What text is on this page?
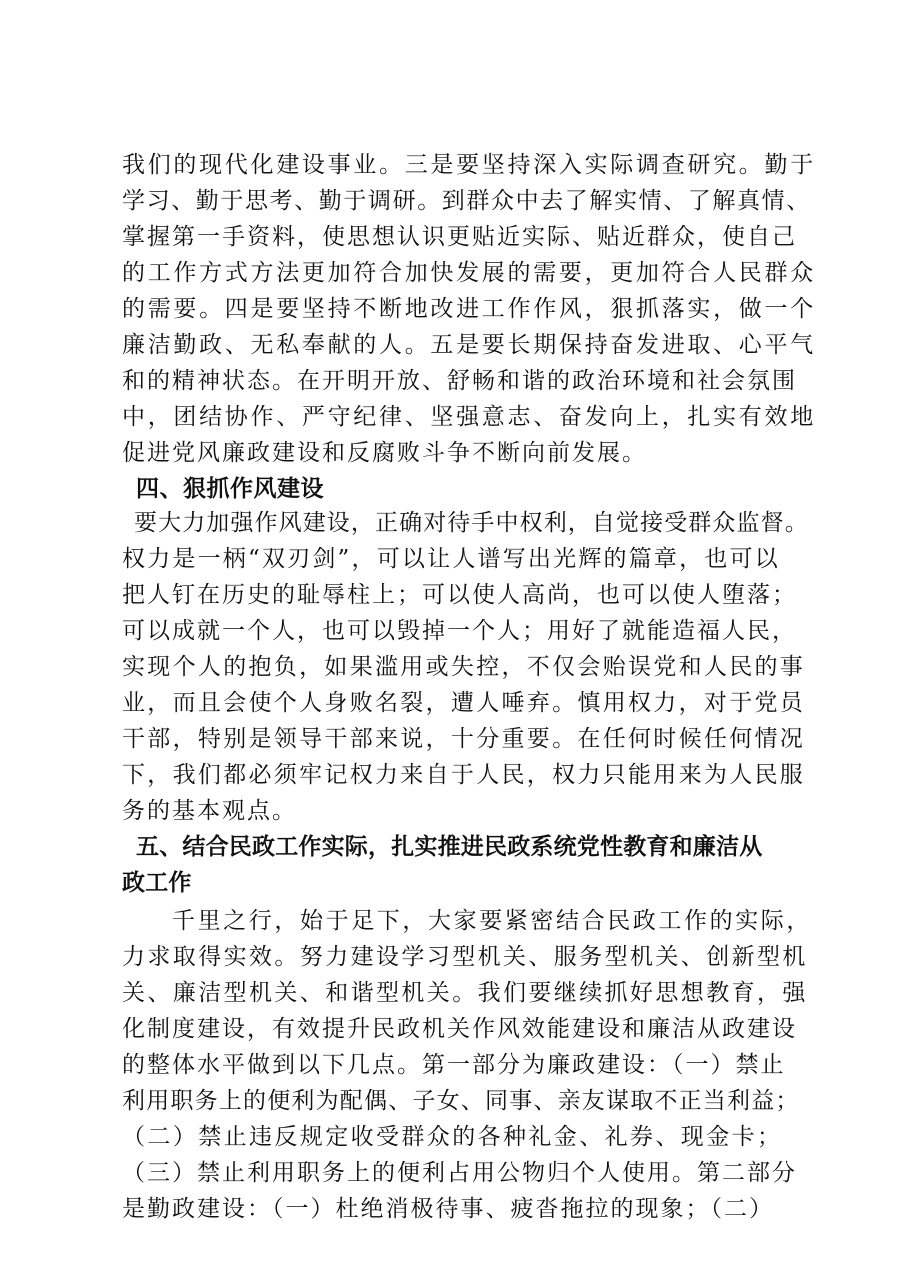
我们的现代化建设事业。三是要坚持深入实际调查研究。勤于
学习、勤于思考、勤于调研。到群众中去了解实情、了解真情、
掌握第一手资料，使思想认识更贴近实际、贴近群众，使自己
的工作方式方法更加符合加快发展的需要，更加符合人民群众
的需要。四是要坚持不断地改进工作作风，狠抓落实，做一个
廉洁勤政、无私奉献的人。五是要长期保持奋发进取、心平气
和的精神状态。在开明开放、舒畅和谐的政治环境和社会氛围
中，团结协作、严守纪律、坚强意志、奋发向上，扎实有效地
促进党风廉政建设和反腐败斗争不断向前发展。
四、狠抓作风建设
要大力加强作风建设，正确对待手中权利，自觉接受群众监督。
权力是一柄“双刃剑”，可以让人谱写出光辉的篇章，也可以
把人钉在历史的耻辱柱上；可以使人高尚，也可以使人堕落；
可以成就一个人，也可以毁掉一个人；用好了就能造福人民，
实现个人的抱负，如果滥用或失控，不仅会贻误党和人民的事
业，而且会使个人身败名裂，遭人唾弃。慎用权力，对于党员
干部，特别是领导干部来说，十分重要。在任何时候任何情况
下，我们都必须牢记权力来自于人民，权力只能用来为人民服
务的基本观点。
五、结合民政工作实际，扎实推进民政系统党性教育和廉洁从
政工作
千里之行，始于足下，大家要紧密结合民政工作的实际，
力求取得实效。努力建设学习型机关、服务型机关、创新型机
关、廉洁型机关、和谐型机关。我们要继续抓好思想教育，强
化制度建设，有效提升民政机关作风效能建设和廉洁从政建设
的整体水平做到以下几点。第一部分为廉政建设：（一）禁止
利用职务上的便利为配偶、子女、同事、亲友谋取不正当利益；
（二）禁止违反规定收受群众的各种礼金、礼券、现金卡；
（三）禁止利用职务上的便利占用公物归个人使用。第二部分
是勤政建设：（一）杜绝消极待事、疲沓拖拉的现象；（二）
